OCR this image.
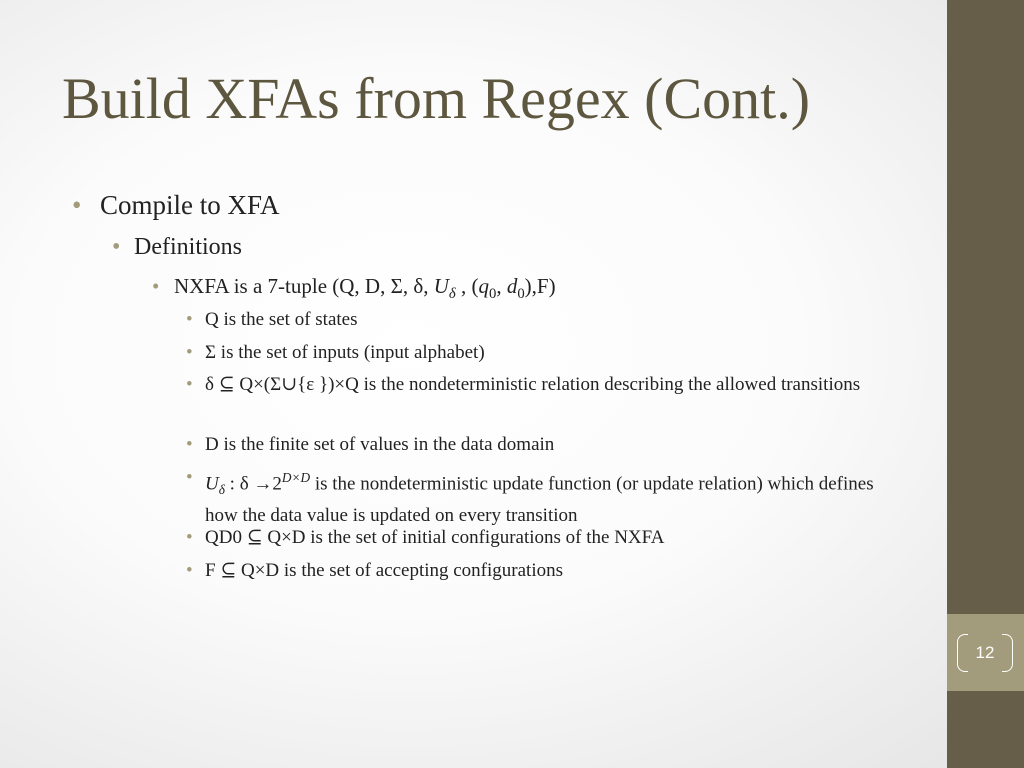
12
Build XFAs from Regex (Cont.)
• Compile to XFA
• Definitions
• NXFA is a 7-tuple (Q, D, Σ, δ, $U_\delta$ , ($q_0$, $d_0),F$)
• Q is the set of states
• Σ is the set of inputs (input alphabet)
• δ ⊆ Q×(Σ∪{ε })×Q is the nondeterministic relation describing the allowed transitions
• D is the finite set of values in the data domain
• $U_\delta$ : $\delta \to 2^{D\times D}$ is the nondeterministic update function (or update relation) which defines how the data value is updated on every transition
• QD0 ⊆ Q×D is the set of initial configurations of the NXFA
• F ⊆ Q×D is the set of accepting configurations
